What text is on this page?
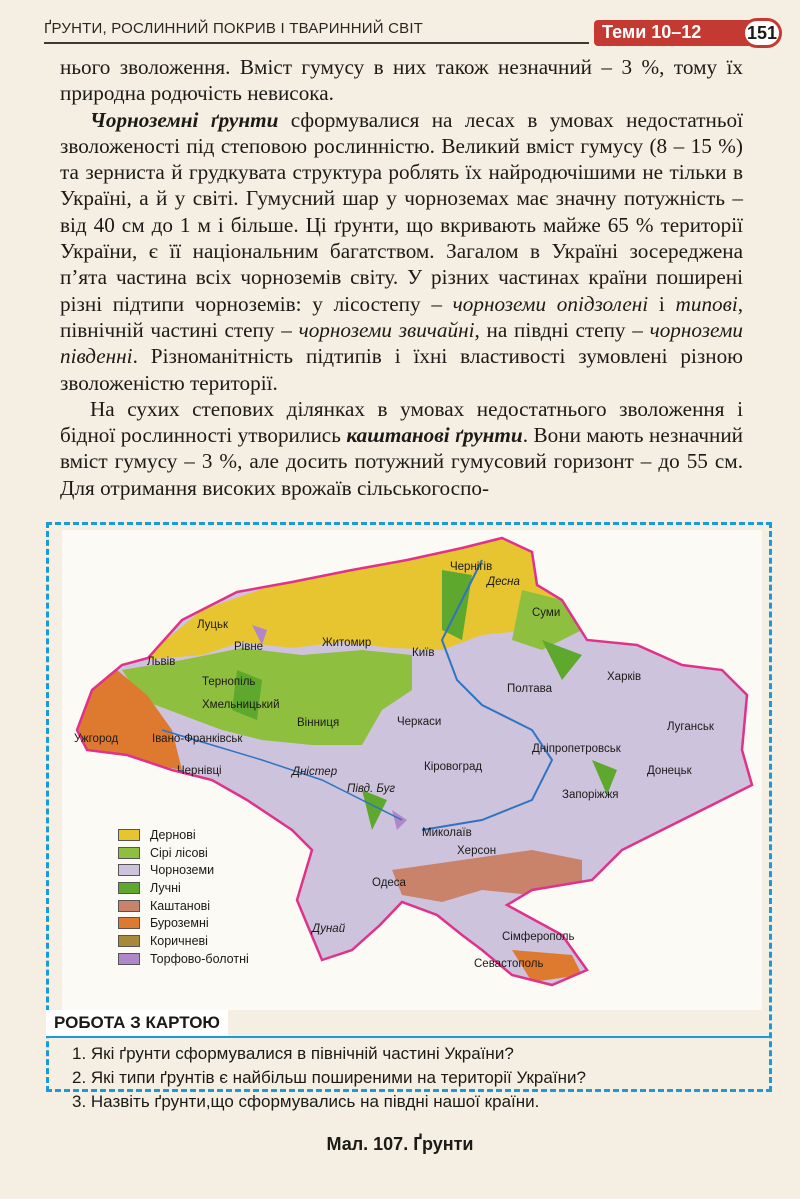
ҐРУНТИ, РОСЛИННИЙ ПОКРИВ І ТВАРИННИЙ СВІТ	Теми 10–12	151

нього зволоження. Вміст гумусу в них також незначний – 3 %, тому їх природна родючість невисока.

Чорноземні ґрунти сформувалися на лесах в умовах недостатньої зволоженості під степовою рослинністю. Великий вміст гумусу (8 – 15 %) та зерниста й грудкувата структура роблять їх найродючішими не тільки в Україні, а й у світі. Гумусний шар у чорноземах має значну потужність – від 40 см до 1 м і більше. Ці ґрунти, що вкривають майже 65 % території України, є її національним багатством. Загалом в Україні зосереджена п’ята частина всіх чорноземів світу. У різних частинах країни поширені різні підтипи чорноземів: у лісостепу – чорноземи опідзолені і типові, північній частині степу – чорноземи звичайні, на півдні степу – чорноземи південні. Різноманітність підтипів і їхні властивості зумовлені різною зволоженістю території.

На сухих степових ділянках в умовах недостатнього зволоження і бідної рослинності утворились каштанові ґрунти. Вони мають незначний вміст гумусу – 3 %, але досить потужний гумусовий горизонт – до 55 см. Для отримання високих врожаїв сільськогоспо-

Чернігів
Суми
Луцьк
Рівне	Житомир
Київ
Львів
Тернопіль	Харків
Полтава
Хмельницький
Вінниця	Черкаси	Луганськ
Ужгород	Івано-Франківськ
Дніпропетровськ
Чернівці	Кіровоград	Донецьк
Запоріжжя
Миколаїв
Херсон
Одеса
Сімферополь
Севастополь
Десна
Дністер
Півд. Буг
Дунай
Дернові
Сірі лісові
Чорноземи
Лучні
Каштанові
Буроземні
Коричневі
Торфово-болотні
РОБОТА З КАРТОЮ
1. Які ґрунти сформувалися в північній частині України?
2. Які типи ґрунтів є найбільш поширеними на території України?
3. Назвіть ґрунти,що сформувались на півдні нашої країни.
Мал. 107. Ґрунти
